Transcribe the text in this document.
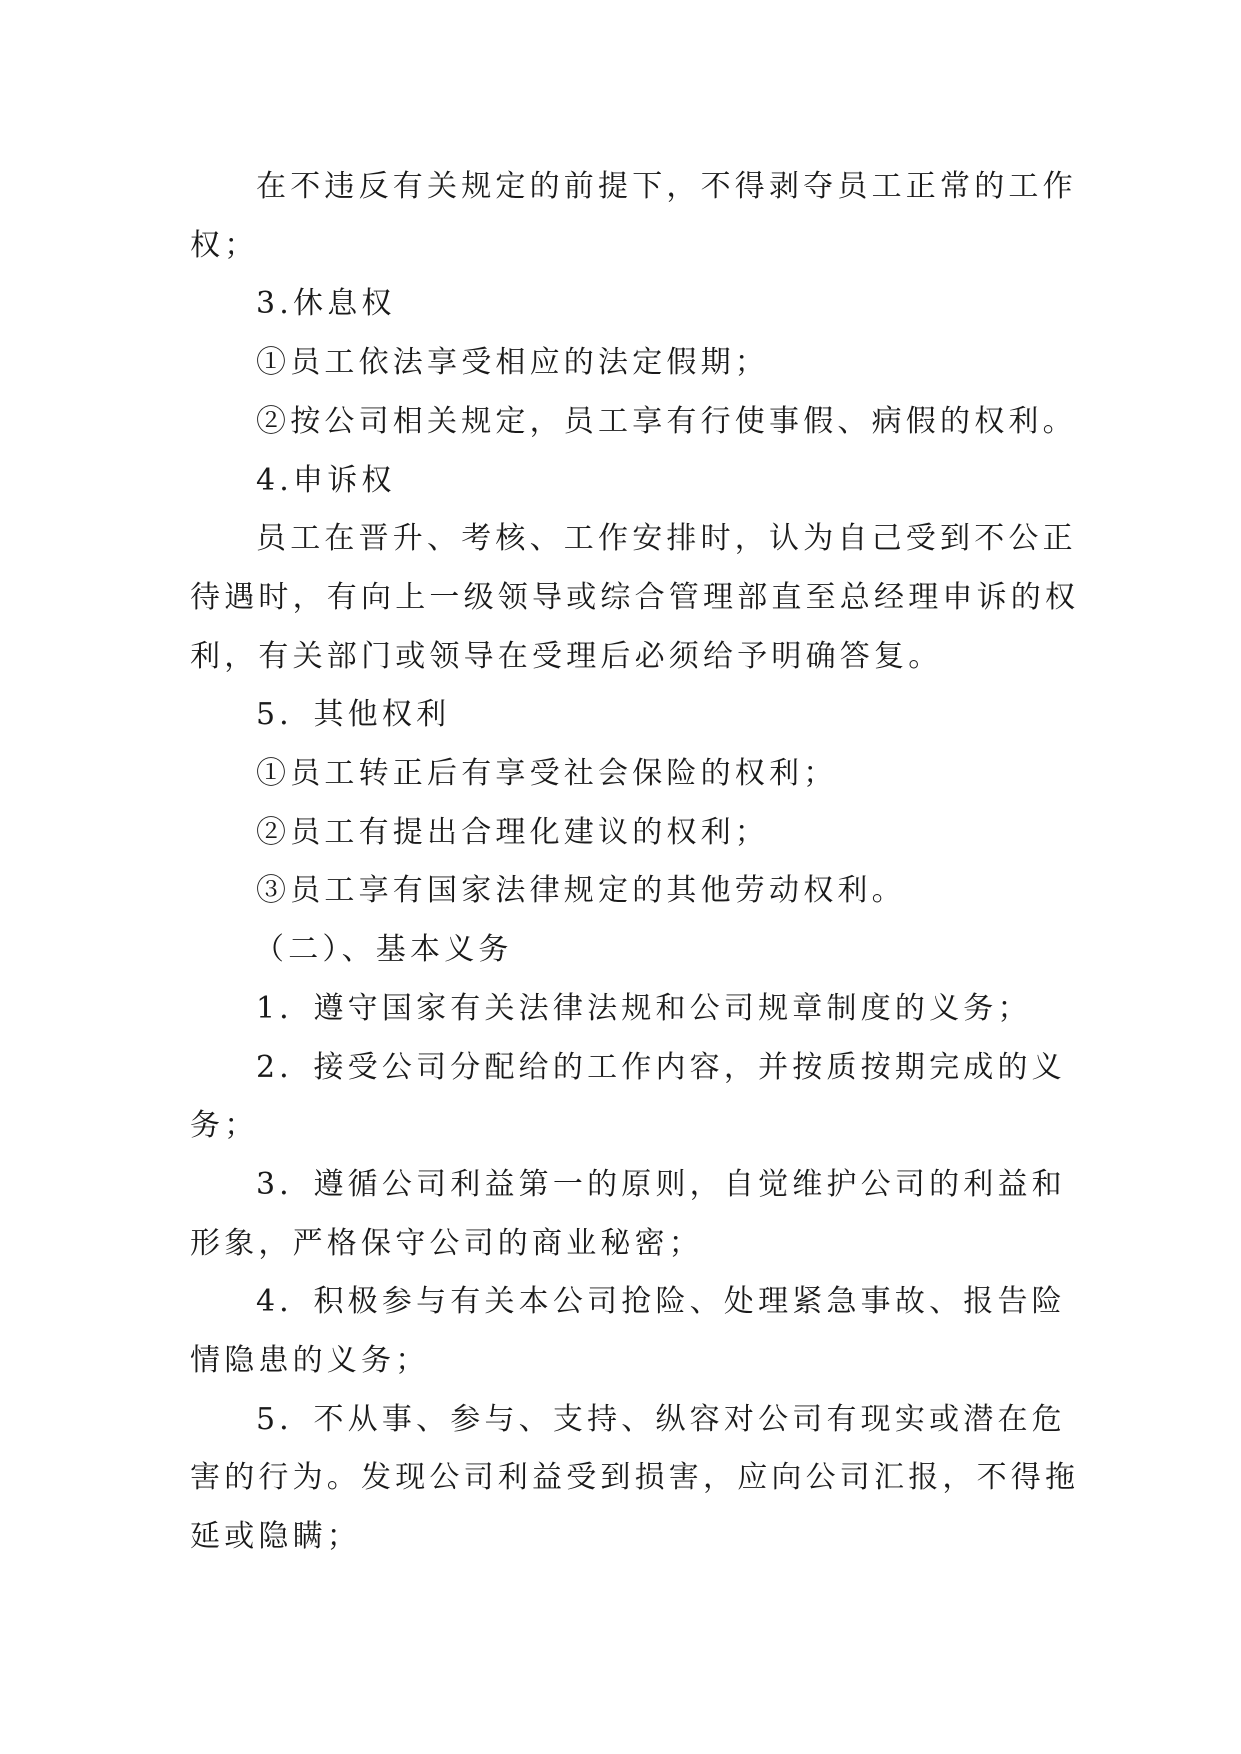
在不违反有关规定的前提下，不得剥夺员工正常的工作
权；

3.休息权

①员工依法享受相应的法定假期；

②按公司相关规定，员工享有行使事假、病假的权利。

4.申诉权

员工在晋升、考核、工作安排时，认为自己受到不公正
待遇时，有向上一级领导或综合管理部直至总经理申诉的权
利，有关部门或领导在受理后必须给予明确答复。

5．其他权利

①员工转正后有享受社会保险的权利；

②员工有提出合理化建议的权利；

③员工享有国家法律规定的其他劳动权利。

（二）、基本义务

1．遵守国家有关法律法规和公司规章制度的义务；

2．接受公司分配给的工作内容，并按质按期完成的义
务；

3．遵循公司利益第一的原则，自觉维护公司的利益和
形象，严格保守公司的商业秘密；

4．积极参与有关本公司抢险、处理紧急事故、报告险
情隐患的义务；

5．不从事、参与、支持、纵容对公司有现实或潜在危
害的行为。发现公司利益受到损害，应向公司汇报，不得拖
延或隐瞒；
